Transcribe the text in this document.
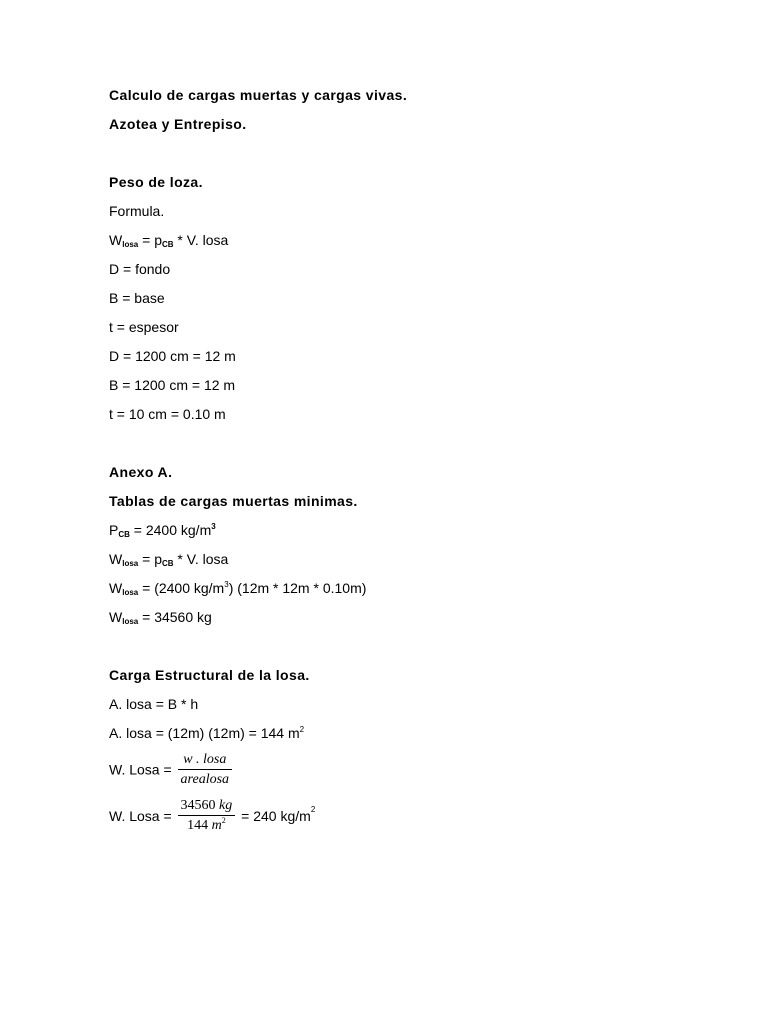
Calculo de cargas muertas y cargas vivas.
Azotea y Entrepiso.
Peso de loza.
Formula.
Wlosa = pCB * V. losa
D = fondo
B = base
t = espesor
D = 1200 cm = 12 m
B = 1200 cm = 12 m
t = 10 cm = 0.10 m
Anexo A.
Tablas de cargas muertas minimas.
PCB = 2400 $kg/m^3$
Wlosa = pCB * V. losa
Wlosa = (2400 $kg/m^3$) (12m * 12m * 0.10m)
Wlosa = 34560 kg
Carga Estructural de la losa.
A. losa = B * h
A. losa = (12m) (12m) = 144 $m^2$
W. Losa = $\frac{\text{w . losa}}{\text{arealosa}}$
W. Losa = $\frac{34560 kg}{144 m^2} = 240$ $kg/m^2$
